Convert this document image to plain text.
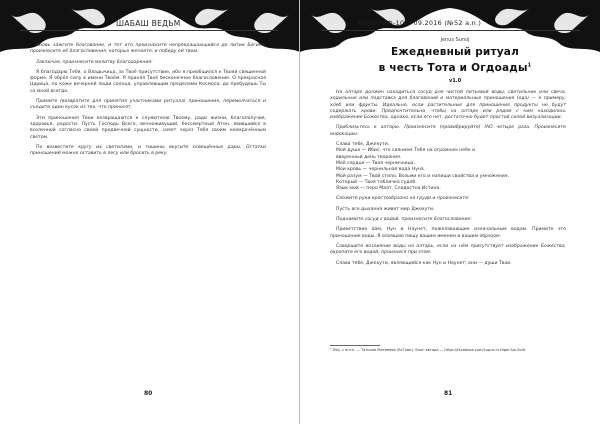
ШАБАШ ВЕДЬМ

Вновь зажгите благовоние, и тот кто произносите непрекращающийся до литии Богине, произнесите её благословения, которых желаете, и победу ей твою.

Заключая, произнесите молитву благодарения:

Я благодарю Тебя, о Владычица, за Твоё присутствие, ибо я приобщился к Твоей священной форме. Я обрёл силу в имени Твоём. Я принял Твоё бесконечное благословение. О прекрасная Царица, по коже вечерней люди солнца, управляющим пределами Космоса; да пребудешь Ты со мной всегда.

Примите (возвратите для принятия участниками ритуала) приношения, перемолчаться и съедите один кусок из тех, что приносят.

Эти приношения Твои возвращаются к служителю Твоему, ради жизни, благополучия, здоровья, радости. Пусть Господь Всего, вечноживущий, бессмертный Атон, явившийся в вселенной согласно своей предвечной сущности, сияет через Тебя своим неомрачённым светом.

По возвестите кругу их светилами, и тишины вкусите освящённые дары. Остатки приношений можно оставить в лесу или бросить в реку.

80
АПОКРИФ-107: 09.2016 (№52 a.n.)
Jenus Sunoj
Ежедневный ритуал
в честь Тота и Огдоады$^1$
v1.0

На алтаре должен находиться сосуд для чистой питьевой воды, светильник или свеча, ходильные или подставка для благовоний и материальные приношения (еда) — к примеру, хлеб или фрукты. Идеально, если растительные для приношения продукты не будут содержать крови. Предпочтительно, чтобы на алтаре или рядом с ним находилось изображение Божества, однако, если его нет, достаточно будет простой силой визуализации.

Приблизьтесь к алтарю. Произнесите (провибрируйте) IAO четыре раза. Произнесите инвокацию:

Слава тебе, Джехути.

Мой душа — Ибис, что сиянием Тебя на огромном небе и

вверенный день творения.

Моё сердце — Твоя черничница.

Мои кровь — чернильная вода Нуна.

Мой разум — Твой стило. Возьми его и напиши свойства и умножение,

Который — Твоя табличка судеб.

Язык мой — перо Маат. Сладостна Истина.

Сложите руки крестообразно на груди и произнесите:

Пусть все дыхания живет мир Джехути.

Поднимите сосуд с водой, произнесите благословение:

Приветствие вам, Нун и Наунет, пожелавающие изначальным водам. Примите это приношение воды. Я освящаю пищу вашим именем и вашим образом.

Совершите возлияние воды на алтарь, если на нём присутствует изображение Божества, окропите его водой, произнеся при этом:

Слава тебе, Джехути, являющийся как Нун и Наунет; они — души Твои.

¹ Пер. с англ. — Татьяна Матвеева (Ri-Tjaer). Блог автора — https://facebook.com/Lupus.In.Higer.Sol.Solis
81
